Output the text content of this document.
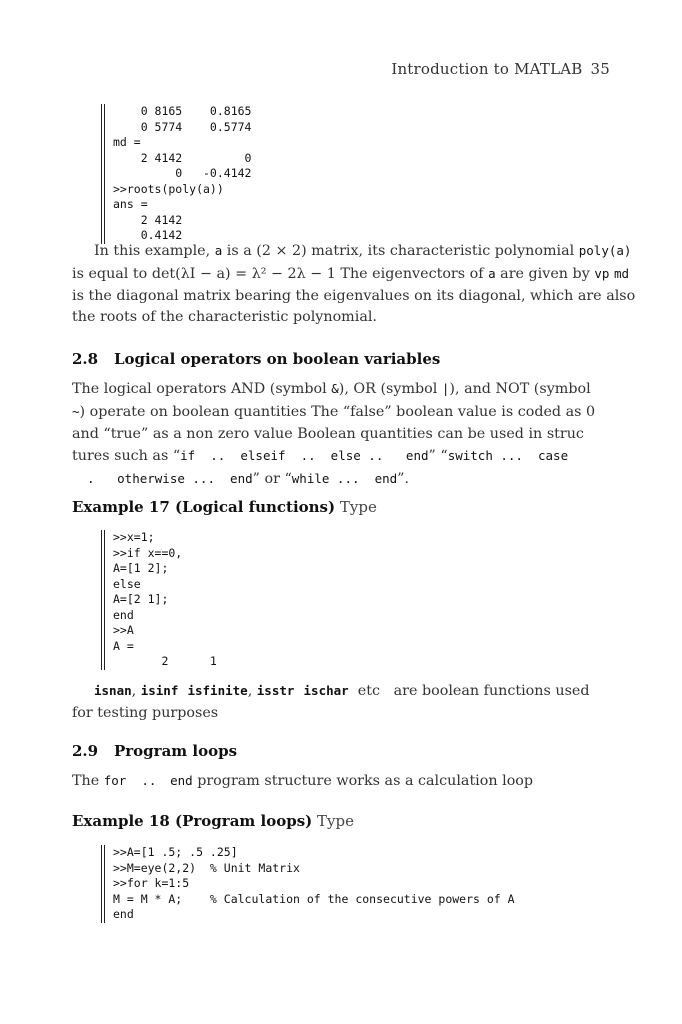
Introduction to MATLAB 35
0 8165    0.8165
0 5774    0.5774
md =
2 4142         0
0   -0.4142
>>roots(poly(a))
ans =
2 4142
0.4142
In this example, a is a (2 × 2) matrix, its characteristic polynomial poly(a)
is equal to det(λI − a) = λ² − 2λ − 1 The eigenvectors of a are given by vp md
is the diagonal matrix bearing the eigenvalues on its diagonal, which are also
the roots of the characteristic polynomial.
2.8 Logical operators on boolean variables
The logical operators AND (symbol &), OR (symbol |), and NOT (symbol
~) operate on boolean quantities The “false” boolean value is coded as 0
and “true” as a non zero value Boolean quantities can be used in struc
tures such as “if  ..  elseif  ..  else ..   end” “switch ...  case
.   otherwise ...  end” or “while ...  end”.
Example 17 (Logical functions) Type
>>x=1;
>>if x==0,
A=[1 2];
else
A=[2 1];
end
>>A
A =
2      1
isnan, isinf isfinite, isstr ischar  etc   are boolean functions used
for testing purposes
2.9 Program loops
The for  .. end program structure works as a calculation loop
Example 18 (Program loops) Type
>>A=[1 .5; .5 .25]
>>M=eye(2,2)  % Unit Matrix
>>for k=1:5
M = M * A;    % Calculation of the consecutive powers of A
end
